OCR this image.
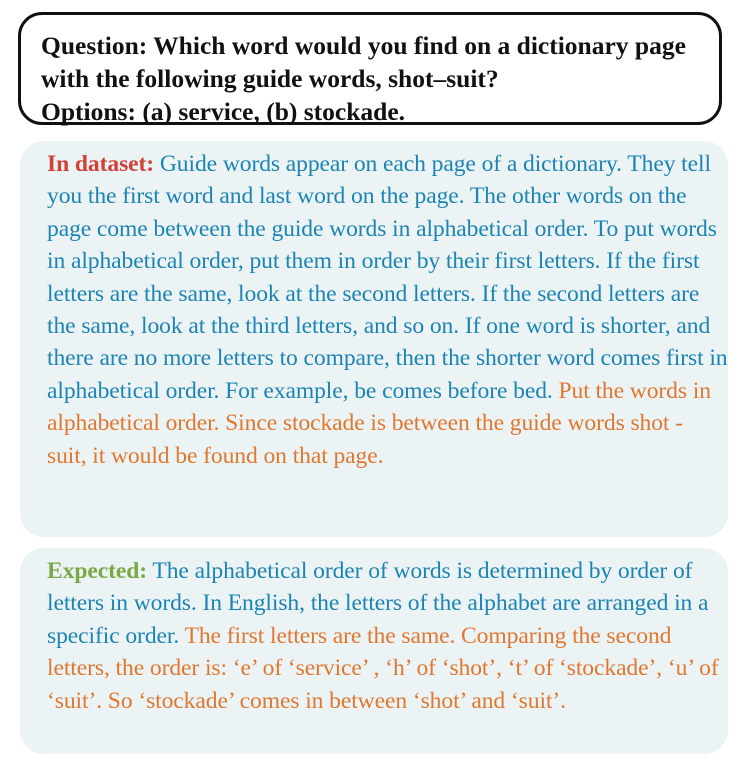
Question: Which word would you find on a dictionary page
with the following guide words, shot–suit?
Options: (a) service, (b) stockade.

In dataset: Guide words appear on each page of a dictionary. They tell you the first word and last word on the page. The other words on the page come between the guide words in alphabetical order. To put words in alphabetical order, put them in order by their first letters. If the first letters are the same, look at the second letters. If the second letters are the same, look at the third letters, and so on. If one word is shorter, and there are no more letters to compare, then the shorter word comes first in alphabetical order. For example, be comes before bed. Put the words in alphabetical order. Since stockade is between the guide words shot - suit, it would be found on that page.

Expected: The alphabetical order of words is determined by order of letters in words. In English, the letters of the alphabet are arranged in a specific order. The first letters are the same. Comparing the second letters, the order is: ‘e’ of ‘service’ , ‘h’ of ‘shot’, ‘t’ of ‘stockade’, ‘u’ of ‘suit’. So ‘stockade’ comes in between ‘shot’ and ‘suit’.
